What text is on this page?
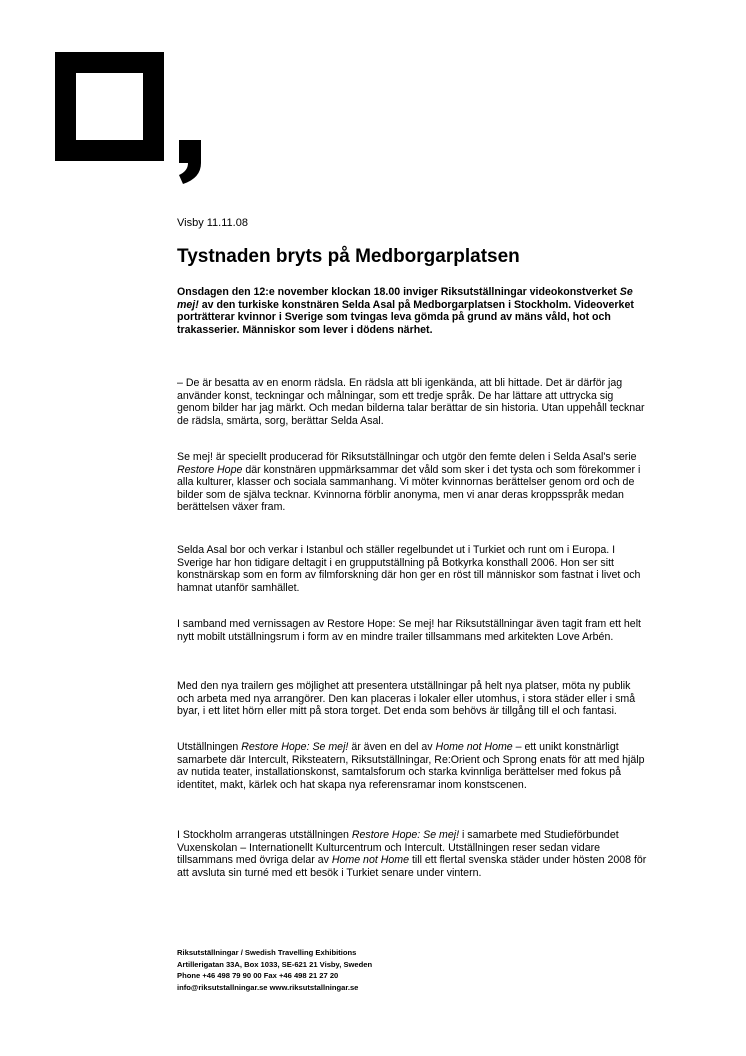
Visby 11.11.08
Tystnaden bryts på Medborgarplatsen

Onsdagen den 12:e november klockan 18.00 inviger Riksutställningar videokonstverket Se mej! av den turkiske konstnären Selda Asal på Medborgarplatsen i Stockholm. Videoverket porträtterar kvinnor i Sverige som tvingas leva gömda på grund av mäns våld, hot och trakasserier. Människor som lever i dödens närhet.

– De är besatta av en enorm rädsla. En rädsla att bli igenkända, att bli hittade. Det är därför jag använder konst, teckningar och målningar, som ett tredje språk. De har lättare att uttrycka sig genom bilder har jag märkt. Och medan bilderna talar berättar de sin historia. Utan uppehåll tecknar de rädsla, smärta, sorg, berättar Selda Asal.

Se mej! är speciellt producerad för Riksutställningar och utgör den femte delen i Selda Asal's serie Restore Hope där konstnären uppmärksammar det våld som sker i det tysta och som förekommer i alla kulturer, klasser och sociala sammanhang. Vi möter kvinnornas berättelser genom ord och de bilder som de själva tecknar. Kvinnorna förblir anonyma, men vi anar deras kroppsspråk medan berättelsen växer fram.

Selda Asal bor och verkar i Istanbul och ställer regelbundet ut i Turkiet och runt om i Europa. I Sverige har hon tidigare deltagit i en grupputställning på Botkyrka konsthall 2006. Hon ser sitt konstnärskap som en form av filmforskning där hon ger en röst till människor som fastnat i livet och hamnat utanför samhället.

I samband med vernissagen av Restore Hope: Se mej! har Riksutställningar även tagit fram ett helt nytt mobilt utställningsrum i form av en mindre trailer tillsammans med arkitekten Love Arbén.

Med den nya trailern ges möjlighet att presentera utställningar på helt nya platser, möta ny publik och arbeta med nya arrangörer. Den kan placeras i lokaler eller utomhus, i stora städer eller i små byar, i ett litet hörn eller mitt på stora torget. Det enda som behövs är tillgång till el och fantasi.

Utställningen Restore Hope: Se mej! är även en del av Home not Home – ett unikt konstnärligt samarbete där Intercult, Riksteatern, Riksutställningar, Re:Orient och Sprong enats för att med hjälp av nutida teater, installationskonst, samtalsforum och starka kvinnliga berättelser med fokus på identitet, makt, kärlek och hat skapa nya referensramar inom konstscenen.

I Stockholm arrangeras utställningen Restore Hope: Se mej! i samarbete med Studieförbundet Vuxenskolan – Internationellt Kulturcentrum och Intercult. Utställningen reser sedan vidare tillsammans med övriga delar av Home not Home till ett flertal svenska städer under hösten 2008 för att avsluta sin turné med ett besök i Turkiet senare under vintern.

Riksutställningar / Swedish Travelling Exhibitions
Artillerigatan 33A, Box 1033, SE-621 21 Visby, Sweden
Phone +46 498 79 90 00 Fax +46 498 21 27 20
info@riksutstallningar.se www.riksutstallningar.se
